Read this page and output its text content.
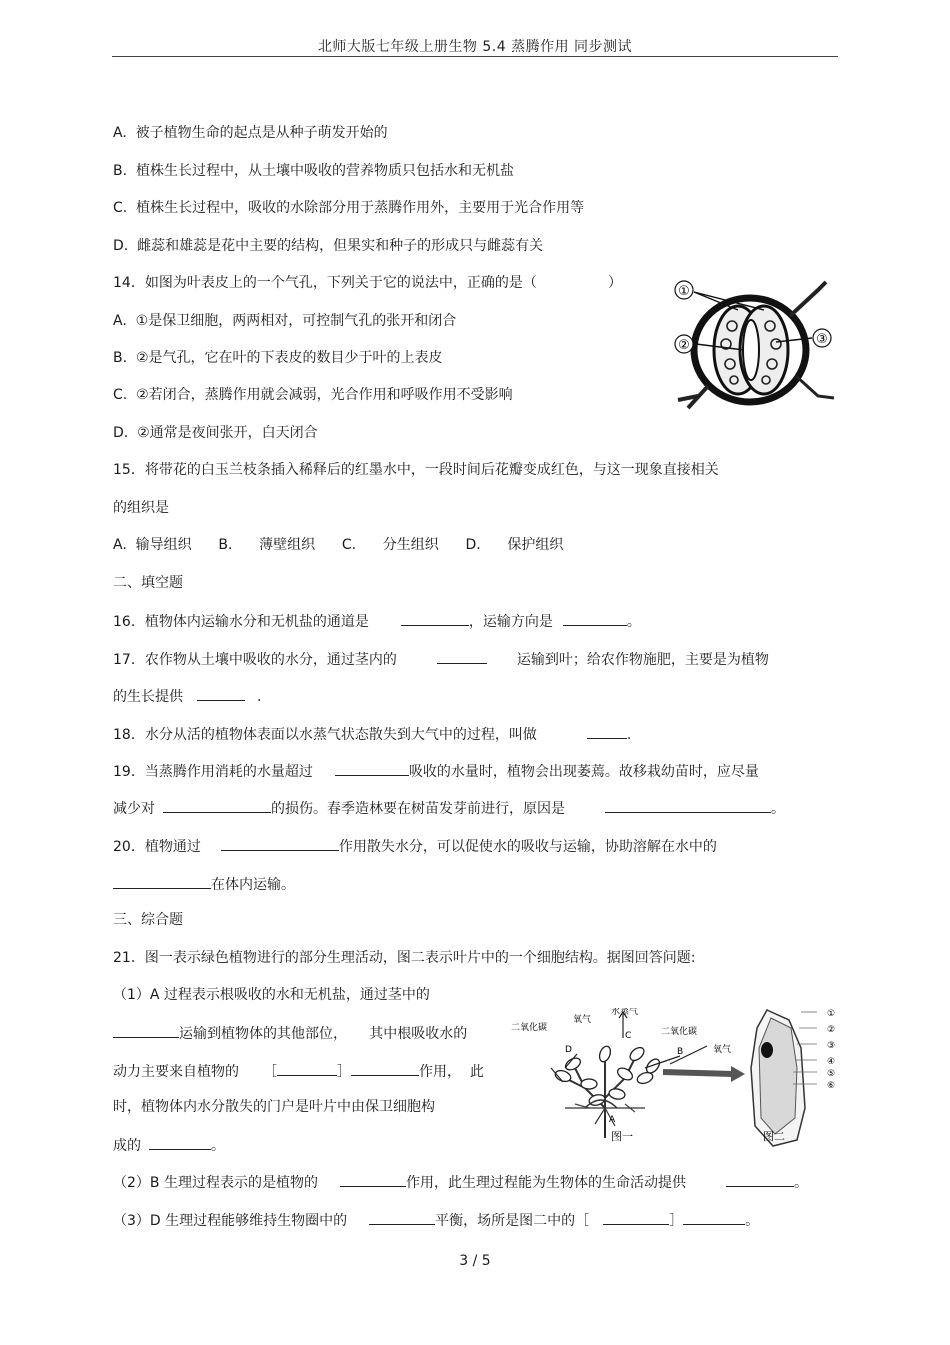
北师大版七年级上册生物 5.4 蒸腾作用 同步测试
A.  被子植物生命的起点是从种子萌发开始的
B.  植株生长过程中，从土壤中吸收的营养物质只包括水和无机盐
C.  植株生长过程中，吸收的水除部分用于蒸腾作用外，主要用于光合作用等
D.  雌蕊和雄蕊是花中主要的结构，但果实和种子的形成只与雌蕊有关
14．如图为叶表皮上的一个气孔，下列关于它的说法中，正确的是（                ）
A.  ①是保卫细胞，两两相对，可控制气孔的张开和闭合
B.  ②是气孔，它在叶的下表皮的数目少于叶的上表皮
C.  ②若闭合，蒸腾作用就会减弱，光合作用和呼吸作用不受影响
D.  ②通常是夜间张开，白天闭合
①
②	③
15．将带花的白玉兰枝条插入稀释后的红墨水中，一段时间后花瓣变成红色，与这一现象直接相关
的组织是
A.  输导组织      B.      薄壁组织      C.      分生组织      D.      保护组织
二、填空题
16．植物体内运输水分和无机盐的通道是	，运输方向是	。
17．农作物从土壤中吸收的水分，通过茎内的	运输到叶；给农作物施肥，主要是为植物
的生长提供	.
18．水分从活的植物体表面以水蒸气状态散失到大气中的过程，叫做	.
19．当蒸腾作用消耗的水量超过	吸收的水量时，植物会出现萎蔫。故移栽幼苗时，应尽量
减少对	的损伤。春季造林要在树苗发芽前进行，原因是	。
20．植物通过	作用散失水分，可以促使水的吸收与运输，协助溶解在水中的
在体内运输。
三、综合题
21．图一表示绿色植物进行的部分生理活动，图二表示叶片中的一个细胞结构。据图回答问题:
（1）A 过程表示根吸收的水和无机盐，通过茎中的
运输到植物体的其他部位，     其中根吸收水的
动力主要来自植物的 ［	］	作用，  此
时，植物体内水分散失的门户是叶片中由保卫细胞构
成的	。
（2）B 生理过程表示的是植物的	作用，此生理过程能为生物体的生命活动提供	。
（3）D 生理过程能够维持生物圈中的	平衡，场所是图二中的［	］	。
①
②
③
④
⑤
⑥
水蒸气
氧气
二氧化碳	二氧化碳
氧气
C
D	B
A
图一	图二
3 / 5
